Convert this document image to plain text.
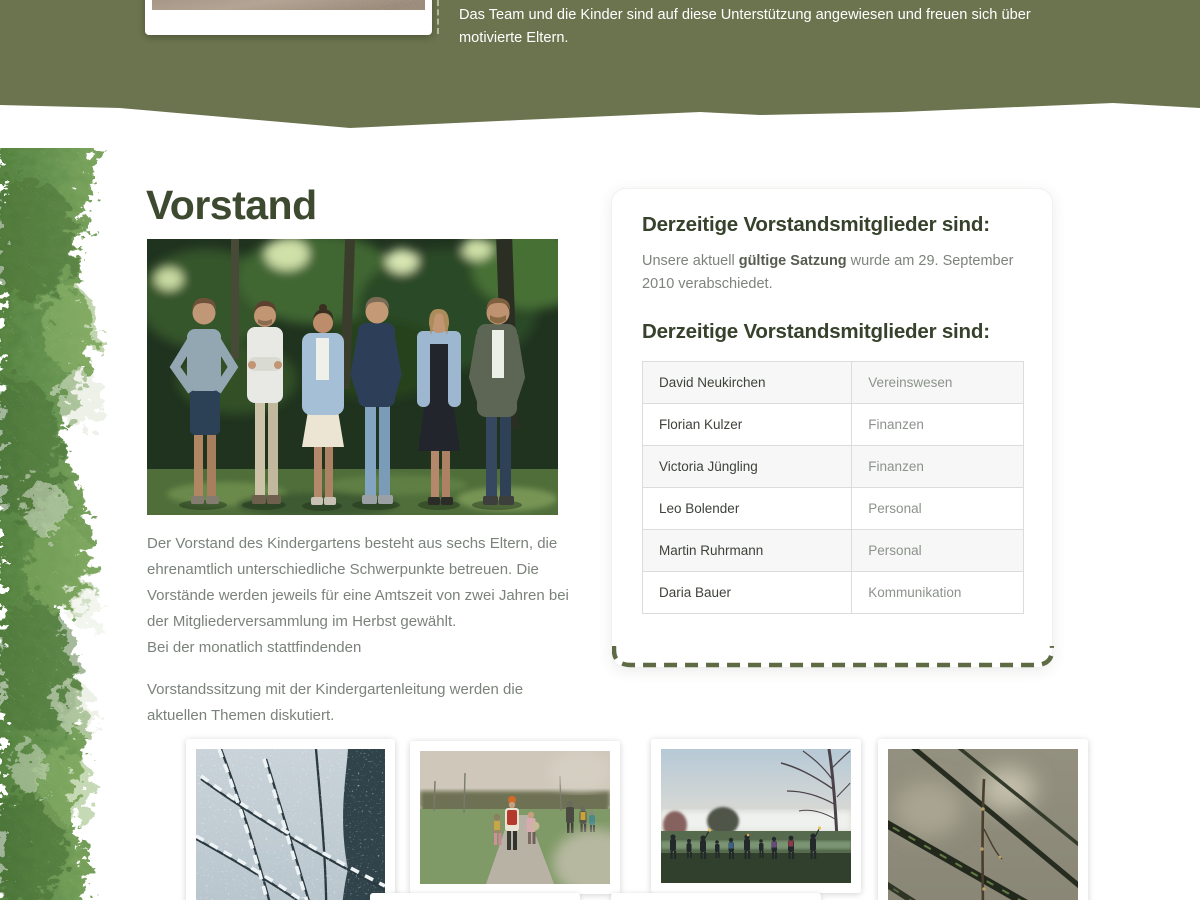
Das Team und die Kinder sind auf diese Unterstützung angewiesen und freuen sich über motivierte Eltern.

Vorstand

Der Vorstand des Kindergartens besteht aus sechs Eltern, die ehrenamtlich unterschiedliche Schwerpunkte betreuen. Die Vorstände werden jeweils für eine Amtszeit von zwei Jahren bei der Mitgliederversammlung im Herbst gewählt.
Bei der monatlich stattfindenden

Vorstandssitzung mit der Kindergartenleitung werden die aktuellen Themen diskutiert.

Derzeitige Vorstandsmitglieder sind:

Unsere aktuell gültige Satzung wurde am 29. September 2010 verabschiedet.

Derzeitige Vorstandsmitglieder sind:
David Neukirchen	Vereinswesen
Florian Kulzer	Finanzen
Victoria Jüngling	Finanzen
Leo Bolender	Personal
Martin Ruhrmann	Personal
Daria Bauer	Kommunikation
